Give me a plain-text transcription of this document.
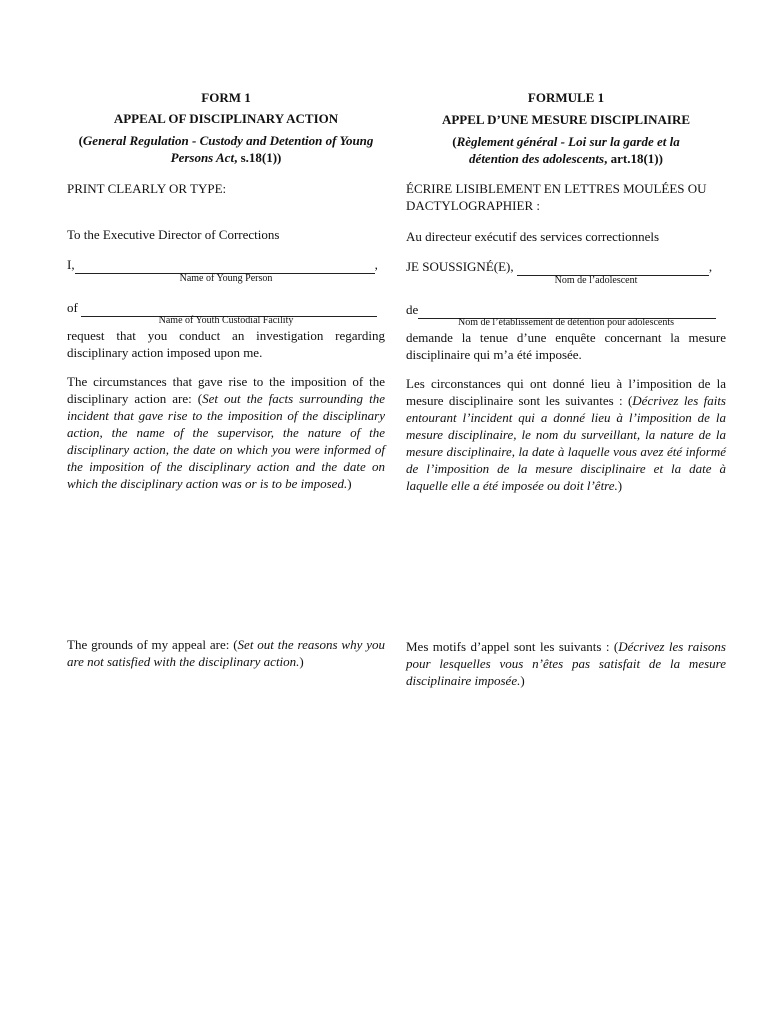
FORM 1
APPEAL OF DISCIPLINARY ACTION
(General Regulation - Custody and Detention of Young Persons Act, s.18(1))
PRINT CLEARLY OR TYPE:
To the Executive Director of Corrections
I,	,
Name of Young Person
of
Name of Youth Custodial Facility
request that you conduct an investigation regarding disciplinary action imposed upon me.
The circumstances that gave rise to the imposition of the disciplinary action are: (Set out the facts surrounding the incident that gave rise to the imposition of the disciplinary action, the name of the supervisor, the nature of the disciplinary action, the date on which you were informed of the imposition of the disciplinary action and the date on which the disciplinary action was or is to be imposed.)
The grounds of my appeal are: (Set out the reasons why you are not satisfied with the disciplinary action.)
FORMULE 1
APPEL D’UNE MESURE DISCIPLINAIRE
(Règlement général - Loi sur la garde et la détention des adolescents, art.18(1))
ÉCRIRE LISIBLEMENT EN LETTRES MOULÉES OU DACTYLOGRAPHIER :
Au directeur exécutif des services correctionnels
JE SOUSSIGNÉ(E),	,
Nom de l’adolescent
de
Nom de l’établissement de détention pour adolescents
demande la tenue d’une enquête concernant la mesure disciplinaire qui m’a été imposée.
Les circonstances qui ont donné lieu à l’imposition de la mesure disciplinaire sont les suivantes : (Décrivez les faits entourant l’incident qui a donné lieu à l’imposition de la mesure disciplinaire, le nom du surveillant, la nature de la mesure disciplinaire, la date à laquelle vous avez été informé de l’imposition de la mesure disciplinaire et la date à laquelle elle a été imposée ou doit l’être.)
Mes motifs d’appel sont les suivants : (Décrivez les raisons pour lesquelles vous n’êtes pas satisfait de la mesure disciplinaire imposée.)
